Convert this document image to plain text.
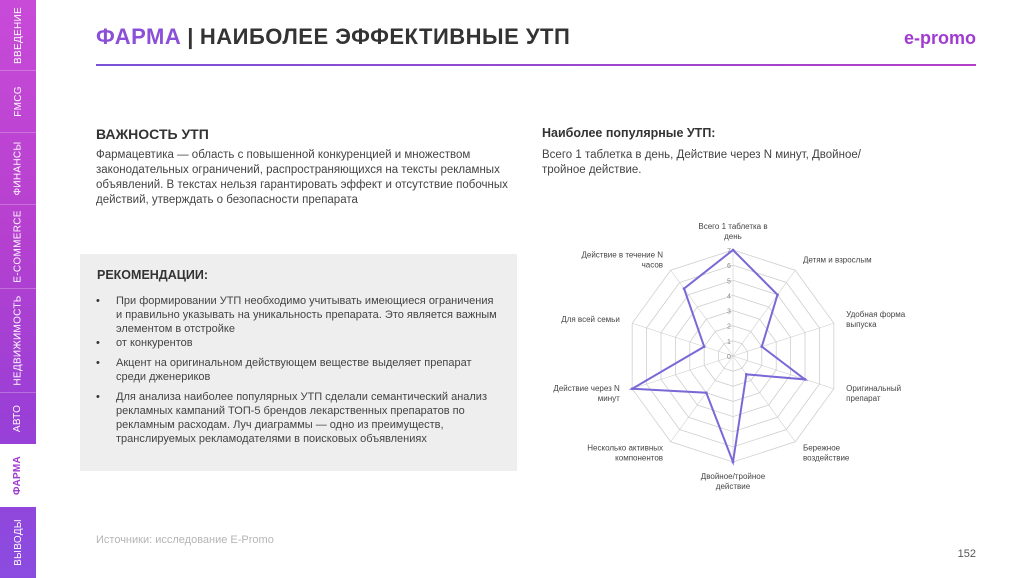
ВВЕДЕНИЕ
FMCG
ФИНАНСЫ
E-COMMERCE
НЕДВИЖИМОСТЬ
АВТО
ФАРМА
ВЫВОДЫ
ФАРМА | НАИБОЛЕЕ ЭФФЕКТИВНЫЕ УТП	e-promo
ВАЖНОСТЬ УТП
Фармацевтика — область с повышенной конкуренцией и множеством законодательных ограничений, распространяющихся на тексты рекламных объявлений. В текстах нельзя гарантировать эффект и отсутствие побочных действий, утверждать о безопасности препарата
РЕКОМЕНДАЦИИ:
• При формировании УТП необходимо учитывать имеющиеся ограничения и правильно указывать на уникальность препарата. Это является важным элементом в отстройке
• от конкурентов
• Акцент на оригинальном действующем веществе выделяет препарат среди дженериков
• Для анализа наиболее популярных УТП сделали семантический анализ рекламных кампаний ТОП-5 брендов лекарственных препаратов по рекламным расходам. Луч диаграммы — одно из преимуществ, транслируемых рекламодателями в поисковых объявлениях
Наиболее популярные УТП:
Всего 1 таблетка в день, Действие через N минут, Двойное/тройное действие.
0
1
2
3
4
5
6
7
Всего 1 таблетка в день
Детям и взрослым
Удобная форма выпуска
Оригинальный препарат
Бережное воздействие
Двойное/тройное действие
Несколько активных компонентов
Действие через N минут
Для всей семьи
Действие в течение N часов
Источники: исследование E-Promo
152
